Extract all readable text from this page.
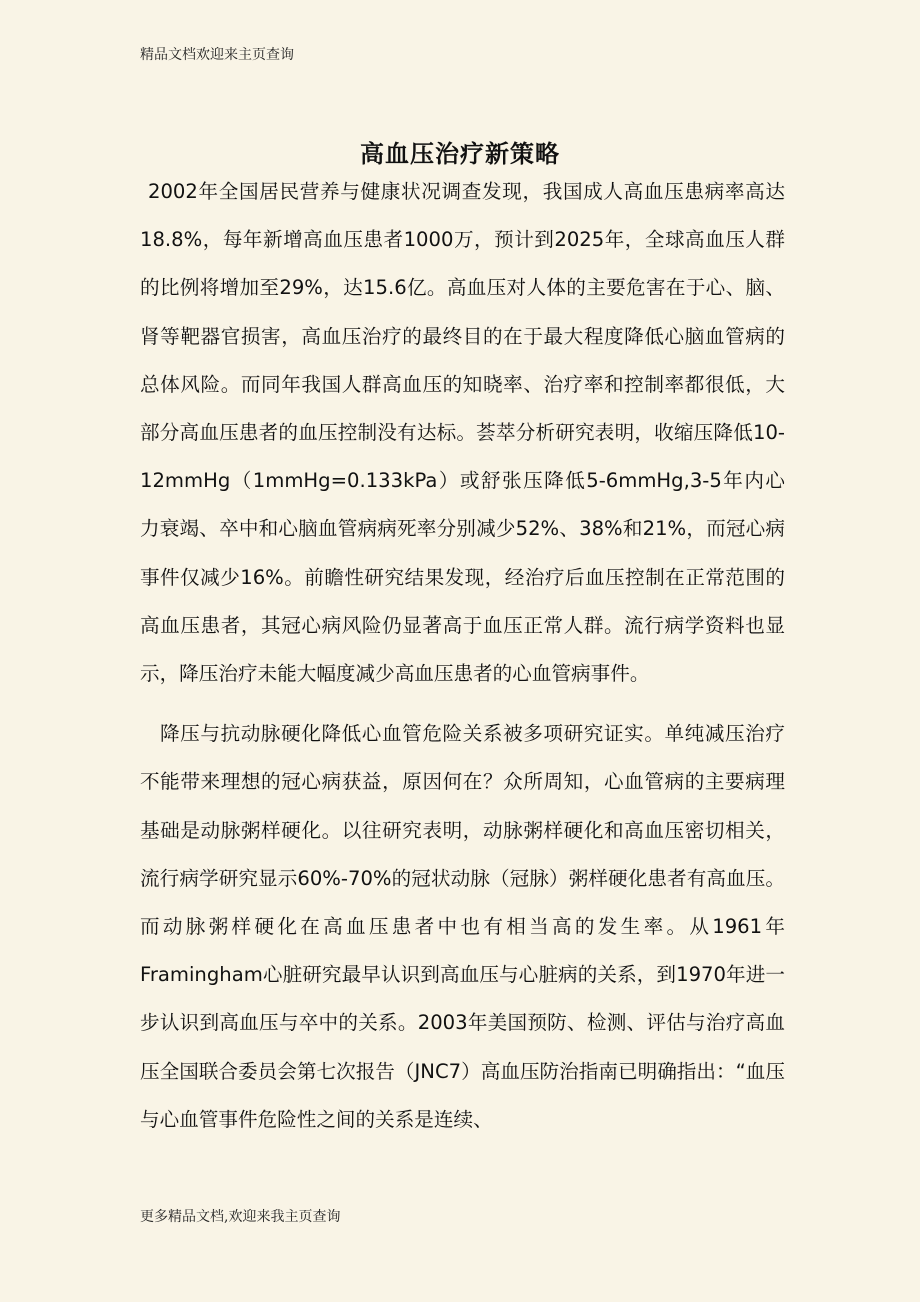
精品文档欢迎来主页查询
高血压治疗新策略

2002年全国居民营养与健康状况调查发现，我国成人高血压患病率高达18.8%，每年新增高血压患者1000万，预计到2025年，全球高血压人群的比例将增加至29%，达15.6亿。高血压对人体的主要危害在于心、脑、肾等靶器官损害，高血压治疗的最终目的在于最大程度降低心脑血管病的总体风险。而同年我国人群高血压的知晓率、治疗率和控制率都很低，大部分高血压患者的血压控制没有达标。荟萃分析研究表明，收缩压降低10-12mmHg（1mmHg=0.133kPa）或舒张压降低5-6mmHg,3-5年内心力衰竭、卒中和心脑血管病病死率分别减少52%、38%和21%，而冠心病事件仅减少16%。前瞻性研究结果发现，经治疗后血压控制在正常范围的高血压患者，其冠心病风险仍显著高于血压正常人群。流行病学资料也显示，降压治疗未能大幅度减少高血压患者的心血管病事件。

降压与抗动脉硬化降低心血管危险关系被多项研究证实。单纯减压治疗不能带来理想的冠心病获益，原因何在？众所周知，心血管病的主要病理基础是动脉粥样硬化。以往研究表明，动脉粥样硬化和高血压密切相关，流行病学研究显示60%-70%的冠状动脉（冠脉）粥样硬化患者有高血压。而动脉粥样硬化在高血压患者中也有相当高的发生率。从1961年Framingham心脏研究最早认识到高血压与心脏病的关系，到1970年进一步认识到高血压与卒中的关系。2003年美国预防、检测、评估与治疗高血压全国联合委员会第七次报告（JNC7）高血压防治指南已明确指出：“血压与心血管事件危险性之间的关系是连续、

更多精品文档,欢迎来我主页查询
